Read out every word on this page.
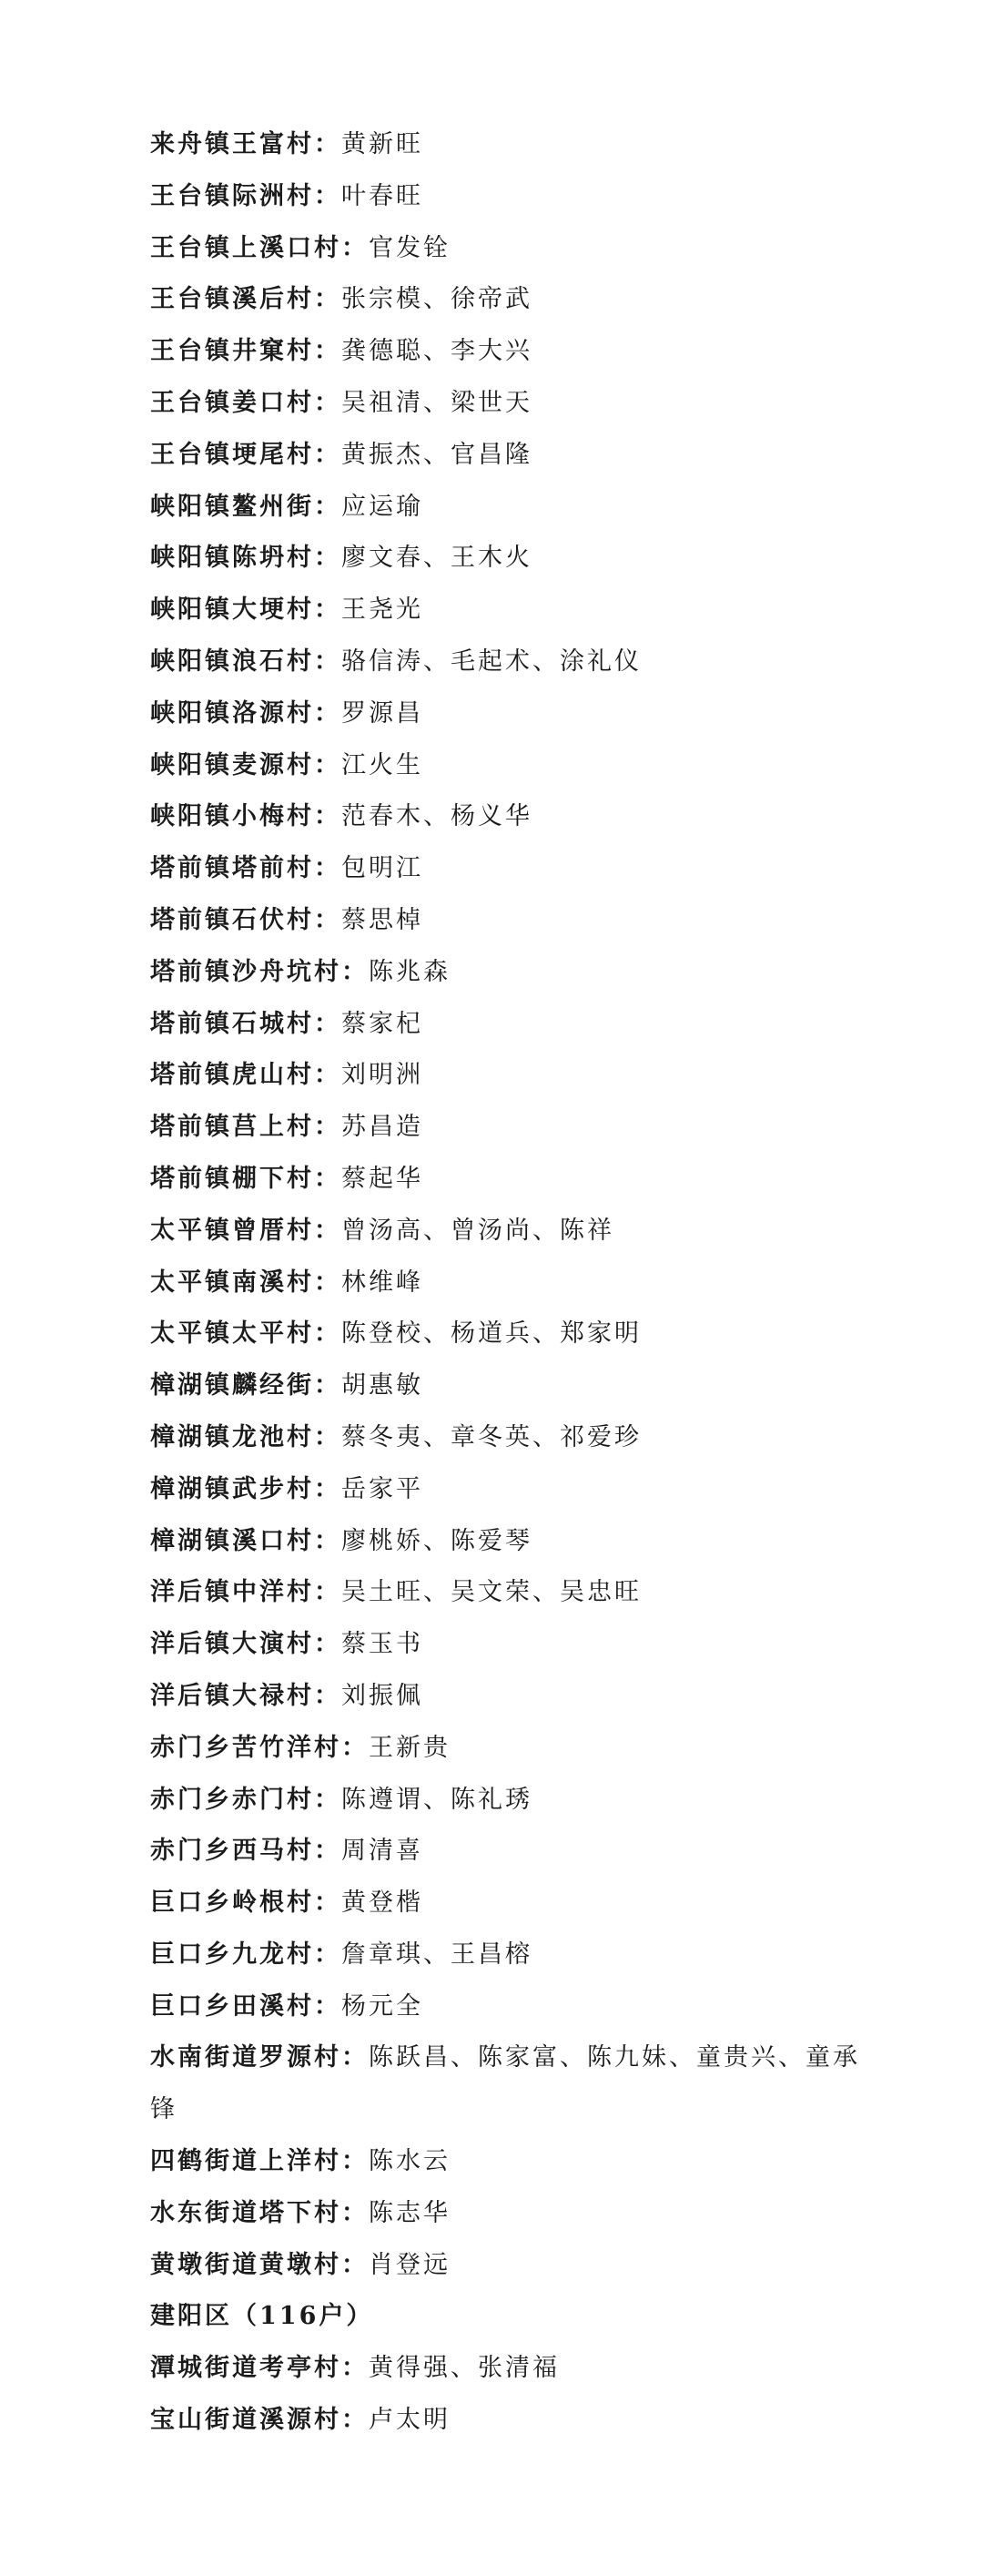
来舟镇王富村：黄新旺
王台镇际洲村：叶春旺
王台镇上溪口村：官发铨
王台镇溪后村：张宗模、徐帝武
王台镇井窠村：龚德聪、李大兴
王台镇姜口村：吴祖清、梁世天
王台镇埂尾村：黄振杰、官昌隆
峡阳镇鳌州街：应运瑜
峡阳镇陈坍村：廖文春、王木火
峡阳镇大埂村：王尧光
峡阳镇浪石村：骆信涛、毛起术、涂礼仪
峡阳镇洛源村：罗源昌
峡阳镇麦源村：江火生
峡阳镇小梅村：范春木、杨义华
塔前镇塔前村：包明江
塔前镇石伏村：蔡思棹
塔前镇沙舟坑村：陈兆森
塔前镇石城村：蔡家杞
塔前镇虎山村：刘明洲
塔前镇莒上村：苏昌造
塔前镇棚下村：蔡起华
太平镇曾厝村：曾汤高、曾汤尚、陈祥
太平镇南溪村：林维峰
太平镇太平村：陈登校、杨道兵、郑家明
樟湖镇麟经街：胡惠敏
樟湖镇龙池村：蔡冬夷、章冬英、祁爱珍
樟湖镇武步村：岳家平
樟湖镇溪口村：廖桃娇、陈爱琴
洋后镇中洋村：吴土旺、吴文荣、吴忠旺
洋后镇大演村：蔡玉书
洋后镇大禄村：刘振佩
赤门乡苦竹洋村：王新贵
赤门乡赤门村：陈遵谓、陈礼琇
赤门乡西马村：周清喜
巨口乡岭根村：黄登楷
巨口乡九龙村：詹章琪、王昌榕
巨口乡田溪村：杨元全
水南街道罗源村：陈跃昌、陈家富、陈九妹、童贵兴、童承锋
四鹤街道上洋村：陈水云
水东街道塔下村：陈志华
黄墩街道黄墩村：肖登远
建阳区（116户）
潭城街道考亭村：黄得强、张清福
宝山街道溪源村：卢太明
